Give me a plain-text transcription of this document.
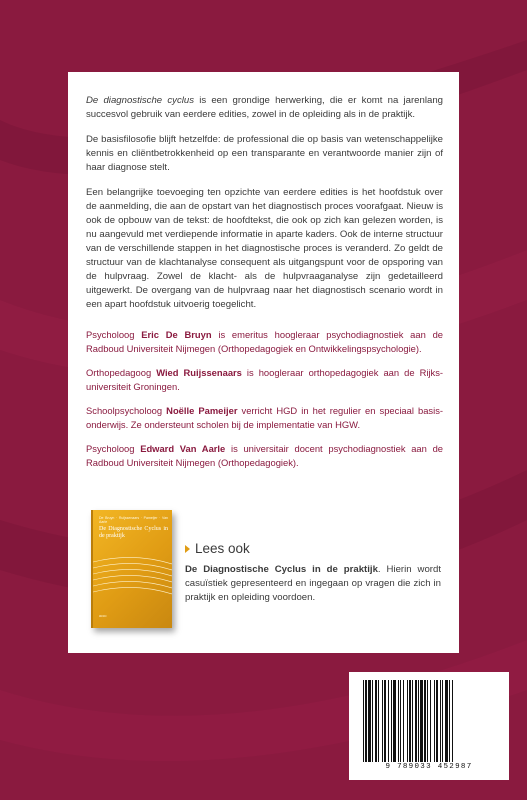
De diagnostische cyclus is een grondige herwerking, die er komt na jarenlang succesvol gebruik van eerdere edities, zowel in de opleiding als in de praktijk.

De basisfilosofie blijft hetzelfde: de professional die op basis van wetenschappelijke kennis en cliëntbetrokkenheid op een transparante en verantwoorde manier zijn of haar diagnose stelt.

Een belangrijke toevoeging ten opzichte van eerdere edities is het hoofdstuk over de aanmelding, die aan de opstart van het diagnostisch proces voorafgaat. Nieuw is ook de opbouw van de tekst: de hoofdtekst, die ook op zich kan gelezen worden, is nu aangevuld met verdiepende informatie in aparte kaders. Ook de interne structuur van de verschillende stappen in het diagnostische proces is veranderd. Zo geldt de structuur van de klachtanalyse consequent als uitgangspunt voor de opsporing van de hulpvraag. Zowel de klacht- als de hulpvraaganalyse zijn gedetailleerd uitgewerkt. De overgang van de hulpvraag naar het diagnostisch scenario wordt in een apart hoofdstuk uitvoerig toegelicht.

Psycholoog Eric De Bruyn is emeritus hoogleraar psychodiagnostiek aan de Radboud Universiteit Nijmegen (Orthopedagogiek en Ontwikkelingspsychologie).

Orthopedagoog Wied Ruijssenaars is hoogleraar orthopedagogiek aan de Rijks-universiteit Groningen.

Schoolpsycholoog Noëlle Pameijer verricht HGD in het regulier en speciaal basis-onderwijs. Ze ondersteunt scholen bij de implementatie van HGW.

Psycholoog Edward Van Aarle is universitair docent psychodiagnostiek aan de Radboud Universiteit Nijmegen (Orthopedagogiek).

De Bruyn · Ruijssenaars · Pameijer · Van Aarle
De Diagnostische Cyclus in de praktijk
acco
Lees ook

De Diagnostische Cyclus in de praktijk. Hierin wordt casuïstiek gepresenteerd en ingegaan op vragen die zich in praktijk en opleiding voordoen.

9 789033 452987
